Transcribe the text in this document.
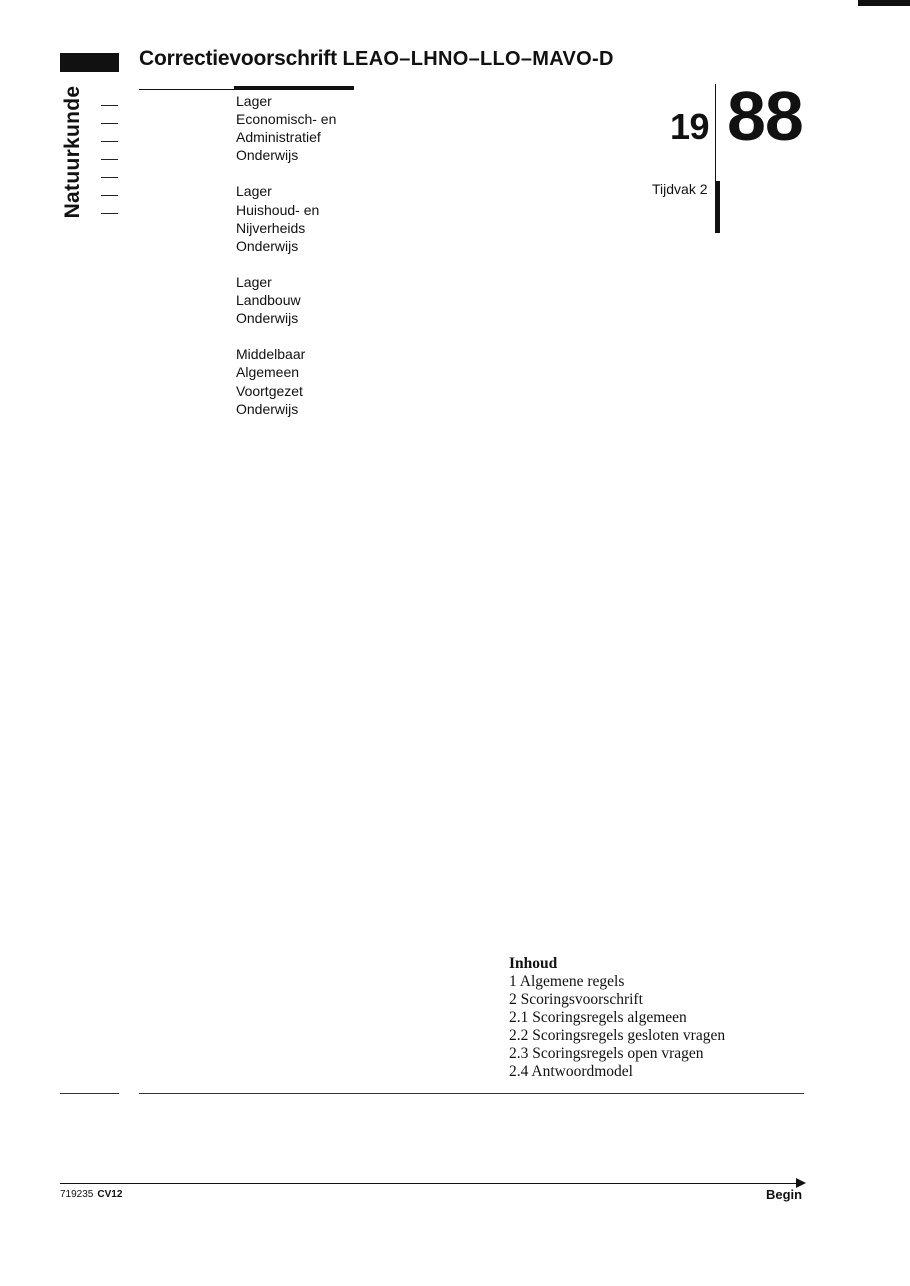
Correctievoorschrift LEAO–LHNO–LLO–MAVO-D
Natuurkunde	Lager
Economisch- en
Administratief
Onderwijs
Lager
Huishoud- en
Nijverheids
Onderwijs
Lager
Landbouw
Onderwijs
Middelbaar
Algemeen
Voortgezet
Onderwijs
19 88
Tijdvak 2
Inhoud
1 Algemene regels
2 Scoringsvoorschrift
2.1 Scoringsregels algemeen
2.2 Scoringsregels gesloten vragen
2.3 Scoringsregels open vragen
2.4 Antwoordmodel
719235 CV12	Begin
